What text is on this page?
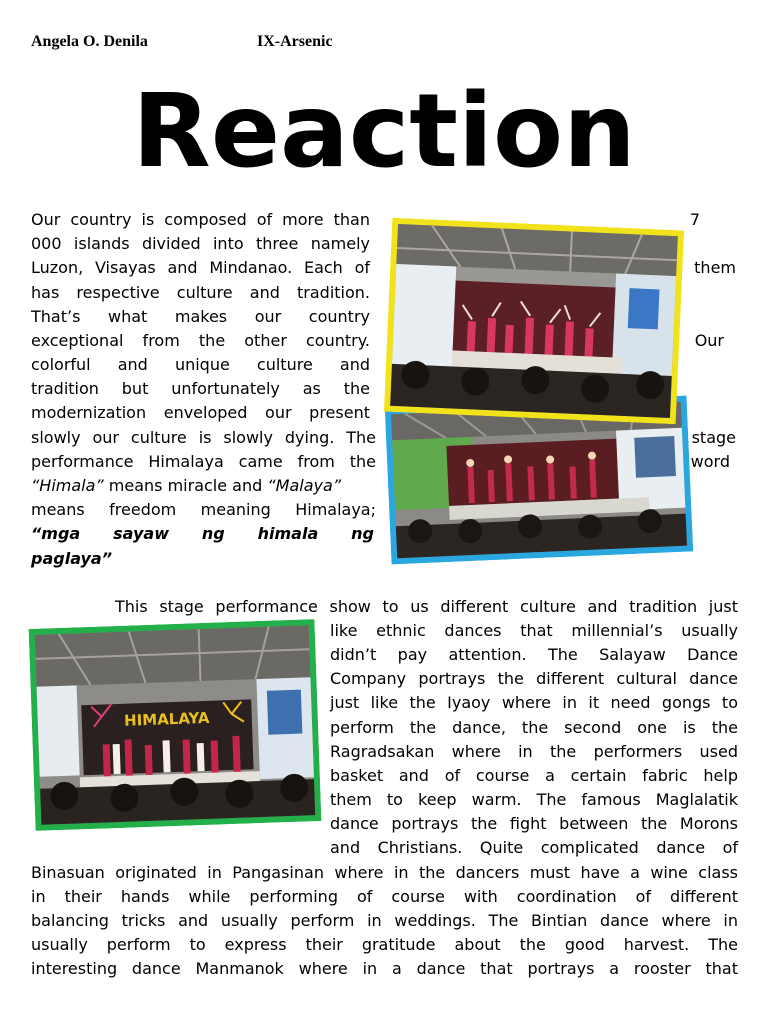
Angela O. Denila	IX-Arsenic
Reaction
Our country is composed of more than
000 islands divided into three namely
Luzon, Visayas and Mindanao. Each of
has respective culture and tradition.
That’s what makes our country
exceptional from the other country.
colorful and unique culture and
tradition but unfortunately as the
modernization enveloped our present
slowly our culture is slowly dying. The
performance Himalaya came from the
“Himala” means miracle and “Malaya”
means freedom meaning Himalaya;
“mga sayaw ng himala ng
paglaya”
7
them
Our
stage
word
This stage performance show to us different culture and tradition just
like ethnic dances that millennial’s usually
didn’t pay attention. The Salayaw Dance
Company portrays the different cultural dance
just like the Iyaoy where in it need gongs to
perform the dance, the second one is the
Ragradsakan where in the performers used
basket and of course a certain fabric help
them to keep warm. The famous Maglalatik
dance portrays the fight between the Morons
and Christians. Quite complicated dance of
Binasuan originated in Pangasinan where in the dancers must have a wine class
in their hands while performing of course with coordination of different
balancing tricks and usually perform in weddings. The Bintian dance where in
usually perform to express their gratitude about the good harvest. The
interesting dance Manmanok where in a dance that portrays a rooster that
HIMALAYA
